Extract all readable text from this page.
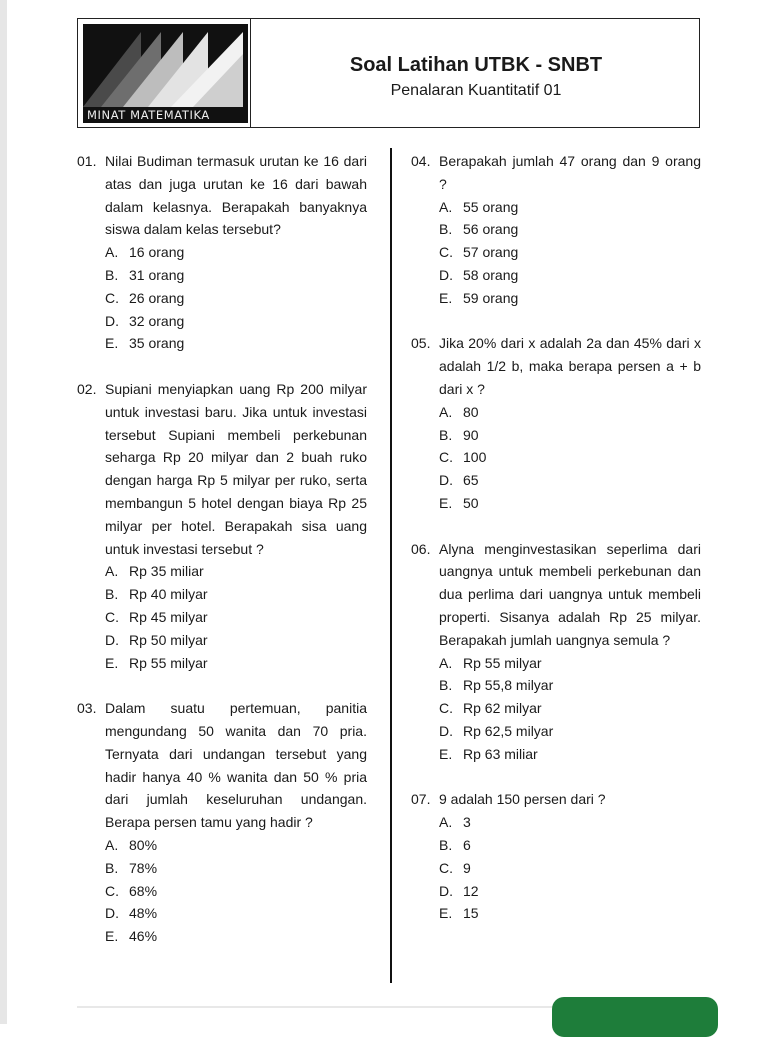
MINAT MATEMATIKA
Soal Latihan UTBK - SNBT
Penalaran Kuantitatif 01
01. Nilai Budiman termasuk urutan ke 16 dari atas dan juga urutan ke 16 dari bawah dalam kelasnya. Berapakah banyaknya siswa dalam kelas tersebut?
A. 16 orang
B. 31 orang
C. 26 orang
D. 32 orang
E. 35 orang
02. Supiani menyiapkan uang Rp 200 milyar untuk investasi baru. Jika untuk investasi tersebut Supiani membeli perkebunan seharga Rp 20 milyar dan 2 buah ruko dengan harga Rp 5 milyar per ruko, serta membangun 5 hotel dengan biaya Rp 25 milyar per hotel. Berapakah sisa uang untuk investasi tersebut ?
A. Rp 35 miliar
B. Rp 40 milyar
C. Rp 45 milyar
D. Rp 50 milyar
E. Rp 55 milyar
03. Dalam suatu pertemuan, panitia mengundang 50 wanita dan 70 pria. Ternyata dari undangan tersebut yang hadir hanya 40 % wanita dan 50 % pria dari jumlah keseluruhan undangan. Berapa persen tamu yang hadir ?
A. 80%
B. 78%
C. 68%
D. 48%
E. 46%
04. Berapakah jumlah 47 orang dan 9 orang ?
A. 55 orang
B. 56 orang
C. 57 orang
D. 58 orang
E. 59 orang
05. Jika 20% dari x adalah 2a dan 45% dari x adalah 1/2 b, maka berapa persen a + b dari x ?
A. 80
B. 90
C. 100
D. 65
E. 50
06. Alyna menginvestasikan seperlima dari uangnya untuk membeli perkebunan dan dua perlima dari uangnya untuk membeli properti. Sisanya adalah Rp 25 milyar. Berapakah jumlah uangnya semula ?
A. Rp 55 milyar
B. Rp 55,8 milyar
C. Rp 62 milyar
D. Rp 62,5 milyar
E. Rp 63 miliar
07. 9 adalah 150 persen dari ?
A. 3
B. 6
C. 9
D. 12
E. 15
